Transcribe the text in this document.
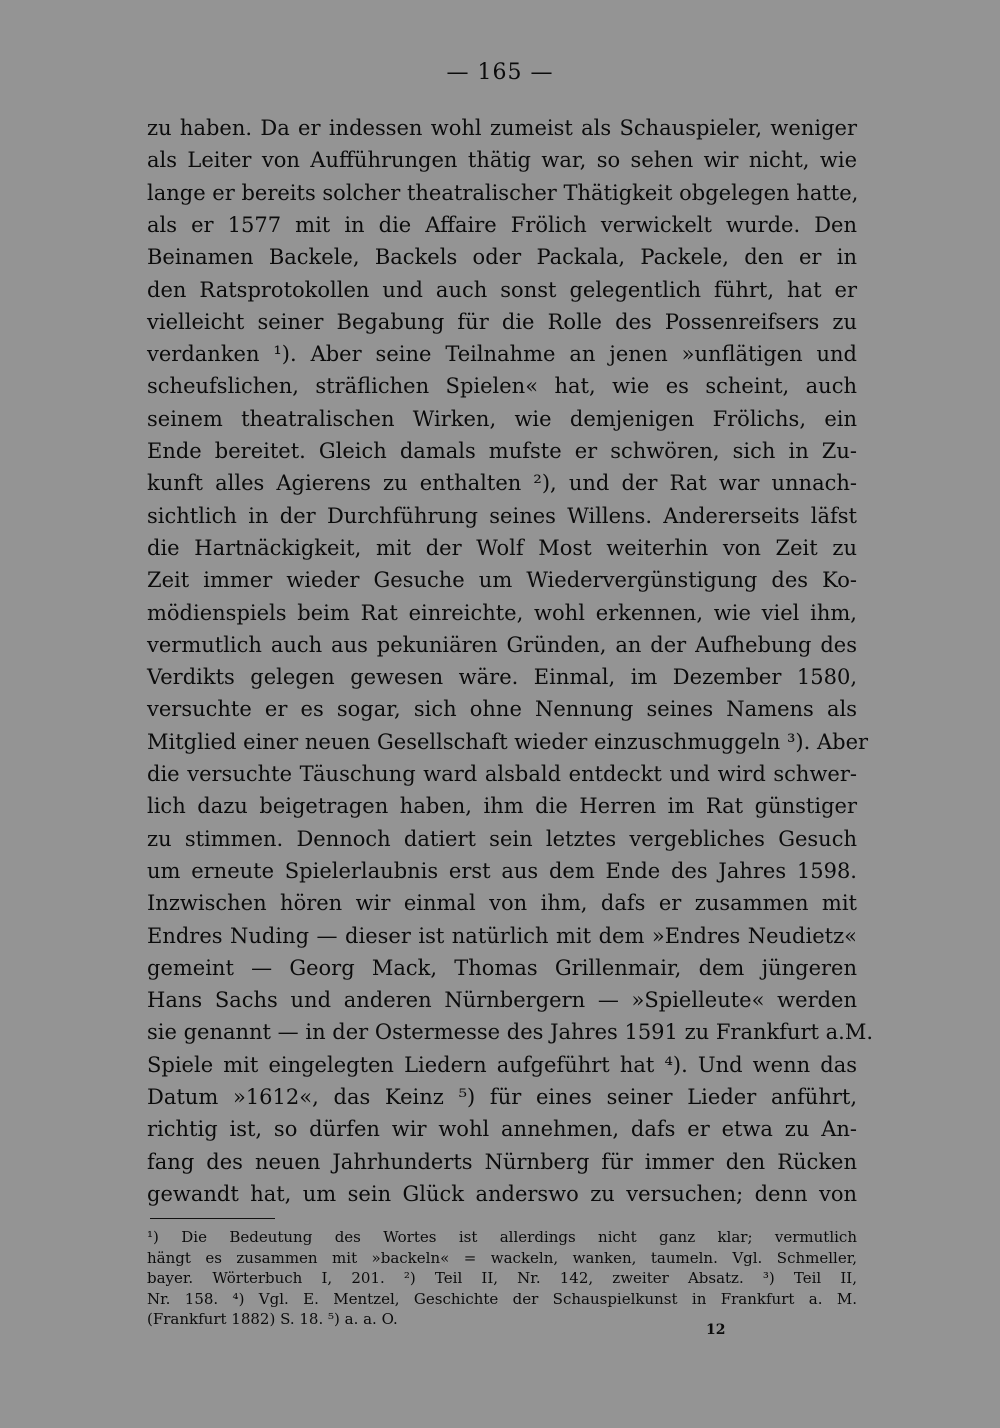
— 165 —
zu haben. Da er indessen wohl zumeist als Schauspieler, weniger
als Leiter von Aufführungen thätig war, so sehen wir nicht, wie
lange er bereits solcher theatralischer Thätigkeit obgelegen hatte,
als er 1577 mit in die Affaire Frölich verwickelt wurde. Den
Beinamen Backele, Backels oder Packala, Packele, den er in
den Ratsprotokollen und auch sonst gelegentlich führt, hat er
vielleicht seiner Begabung für die Rolle des Possenreifsers zu
verdanken ¹). Aber seine Teilnahme an jenen »unflätigen und
scheufslichen, sträflichen Spielen« hat, wie es scheint, auch
seinem theatralischen Wirken, wie demjenigen Frölichs, ein
Ende bereitet. Gleich damals mufste er schwören, sich in Zu-
kunft alles Agierens zu enthalten ²), und der Rat war unnach-
sichtlich in der Durchführung seines Willens. Andererseits läfst
die Hartnäckigkeit, mit der Wolf Most weiterhin von Zeit zu
Zeit immer wieder Gesuche um Wiedervergünstigung des Ko-
mödienspiels beim Rat einreichte, wohl erkennen, wie viel ihm,
vermutlich auch aus pekuniären Gründen, an der Aufhebung des
Verdikts gelegen gewesen wäre. Einmal, im Dezember 1580,
versuchte er es sogar, sich ohne Nennung seines Namens als
Mitglied einer neuen Gesellschaft wieder einzuschmuggeln ³). Aber
die versuchte Täuschung ward alsbald entdeckt und wird schwer-
lich dazu beigetragen haben, ihm die Herren im Rat günstiger
zu stimmen. Dennoch datiert sein letztes vergebliches Gesuch
um erneute Spielerlaubnis erst aus dem Ende des Jahres 1598.
Inzwischen hören wir einmal von ihm, dafs er zusammen mit
Endres Nuding — dieser ist natürlich mit dem »Endres Neudietz«
gemeint — Georg Mack, Thomas Grillenmair, dem jüngeren
Hans Sachs und anderen Nürnbergern — »Spielleute« werden
sie genannt — in der Ostermesse des Jahres 1591 zu Frankfurt a.M.
Spiele mit eingelegten Liedern aufgeführt hat ⁴). Und wenn das
Datum »1612«, das Keinz ⁵) für eines seiner Lieder anführt,
richtig ist, so dürfen wir wohl annehmen, dafs er etwa zu An-
fang des neuen Jahrhunderts Nürnberg für immer den Rücken
gewandt hat, um sein Glück anderswo zu versuchen; denn von
¹) Die Bedeutung des Wortes ist allerdings nicht ganz klar; vermutlich
hängt es zusammen mit »backeln« = wackeln, wanken, taumeln. Vgl. Schmeller,
bayer. Wörterbuch I, 201. ²) Teil II, Nr. 142, zweiter Absatz. ³) Teil II,
Nr. 158. ⁴) Vgl. E. Mentzel, Geschichte der Schauspielkunst in Frankfurt a. M.
(Frankfurt 1882) S. 18. ⁵) a. a. O.
12
